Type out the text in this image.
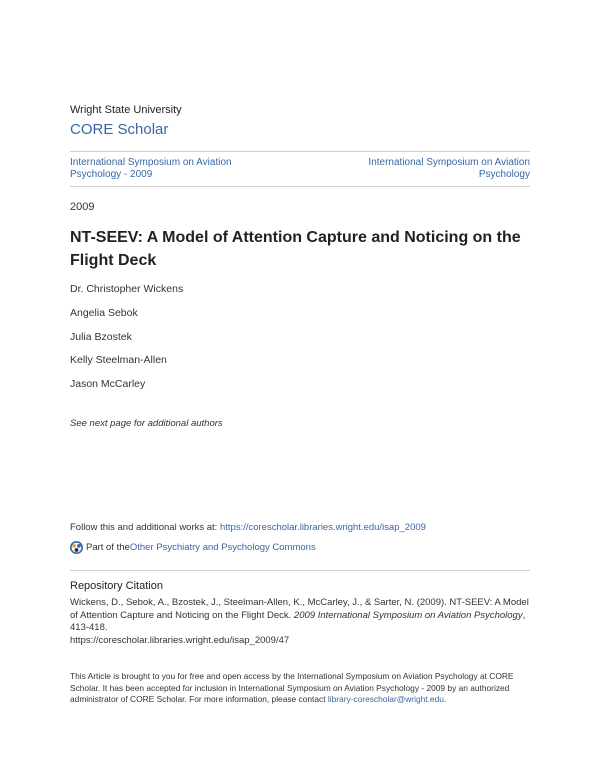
Wright State University
CORE Scholar
International Symposium on Aviation Psychology - 2009
International Symposium on Aviation Psychology
2009
NT-SEEV: A Model of Attention Capture and Noticing on the Flight Deck
Dr. Christopher Wickens
Angelia Sebok
Julia Bzostek
Kelly Steelman-Allen
Jason McCarley
See next page for additional authors
Follow this and additional works at: https://corescholar.libraries.wright.edu/isap_2009
Part of the Other Psychiatry and Psychology Commons
Repository Citation
Wickens, D., Sebok, A., Bzostek, J., Steelman-Allen, K., McCarley, J., & Sarter, N. (2009). NT-SEEV: A Model of Attention Capture and Noticing on the Flight Deck. 2009 International Symposium on Aviation Psychology, 413-418.
https://corescholar.libraries.wright.edu/isap_2009/47
This Article is brought to you for free and open access by the International Symposium on Aviation Psychology at CORE Scholar. It has been accepted for inclusion in International Symposium on Aviation Psychology - 2009 by an authorized administrator of CORE Scholar. For more information, please contact library-corescholar@wright.edu.
